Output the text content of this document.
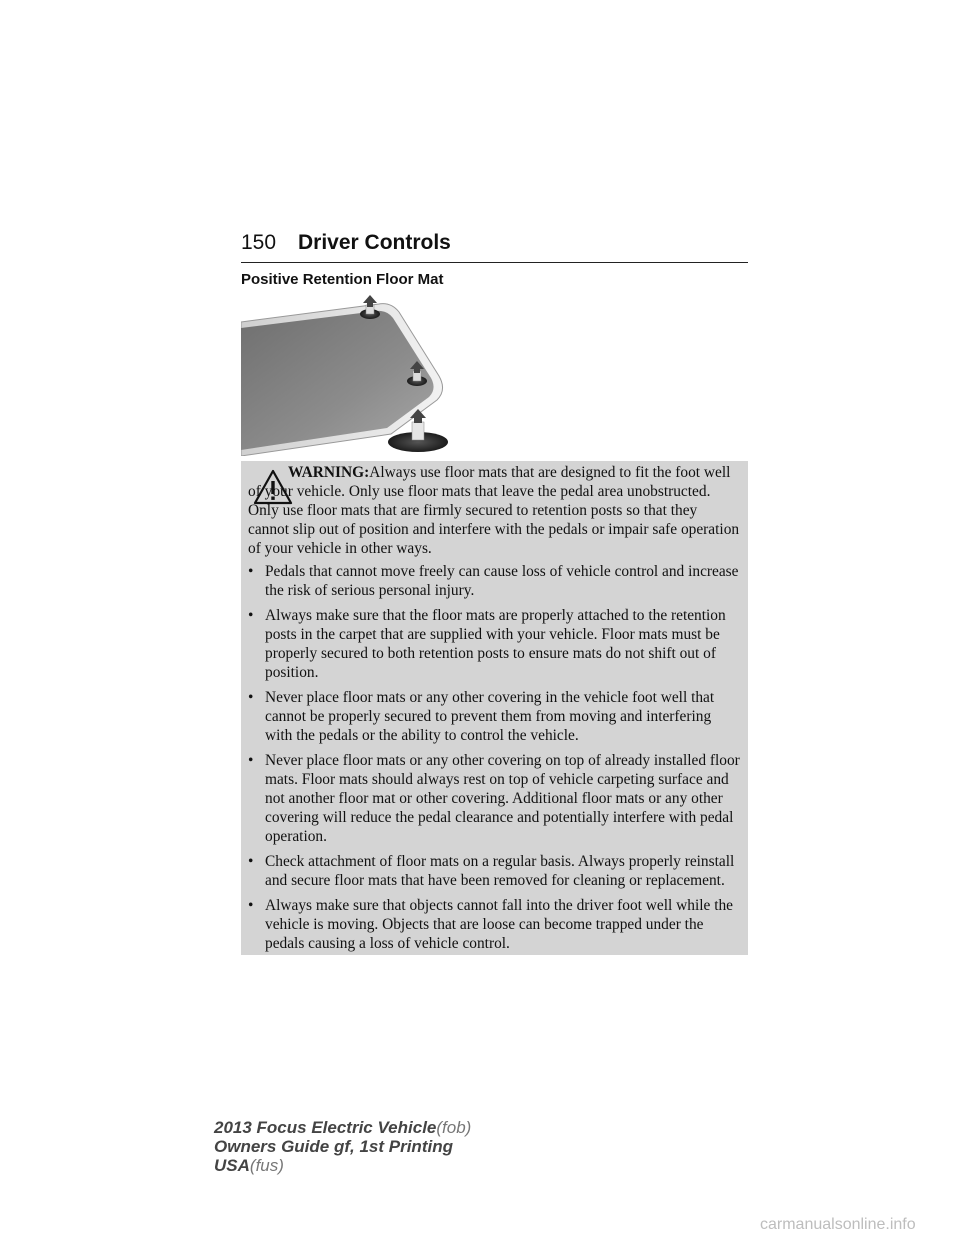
150 Driver Controls
Positive Retention Floor Mat

WARNING:Always use floor mats that are designed to fit the foot well of your vehicle. Only use floor mats that leave the pedal area unobstructed. Only use floor mats that are firmly secured to retention posts so that they cannot slip out of position and interfere with the pedals or impair safe operation of your vehicle in other ways.

• Pedals that cannot move freely can cause loss of vehicle control and increase the risk of serious personal injury.
• Always make sure that the floor mats are properly attached to the retention posts in the carpet that are supplied with your vehicle. Floor mats must be properly secured to both retention posts to ensure mats do not shift out of position.
• Never place floor mats or any other covering in the vehicle foot well that cannot be properly secured to prevent them from moving and interfering with the pedals or the ability to control the vehicle.
• Never place floor mats or any other covering on top of already installed floor mats. Floor mats should always rest on top of vehicle carpeting surface and not another floor mat or other covering. Additional floor mats or any other covering will reduce the pedal clearance and potentially interfere with pedal operation.
• Check attachment of floor mats on a regular basis. Always properly reinstall and secure floor mats that have been removed for cleaning or replacement.
• Always make sure that objects cannot fall into the driver foot well while the vehicle is moving. Objects that are loose can become trapped under the pedals causing a loss of vehicle control.
2013 Focus Electric Vehicle(fob)
Owners Guide gf, 1st Printing
USA(fus)
carmanualsonline.info
